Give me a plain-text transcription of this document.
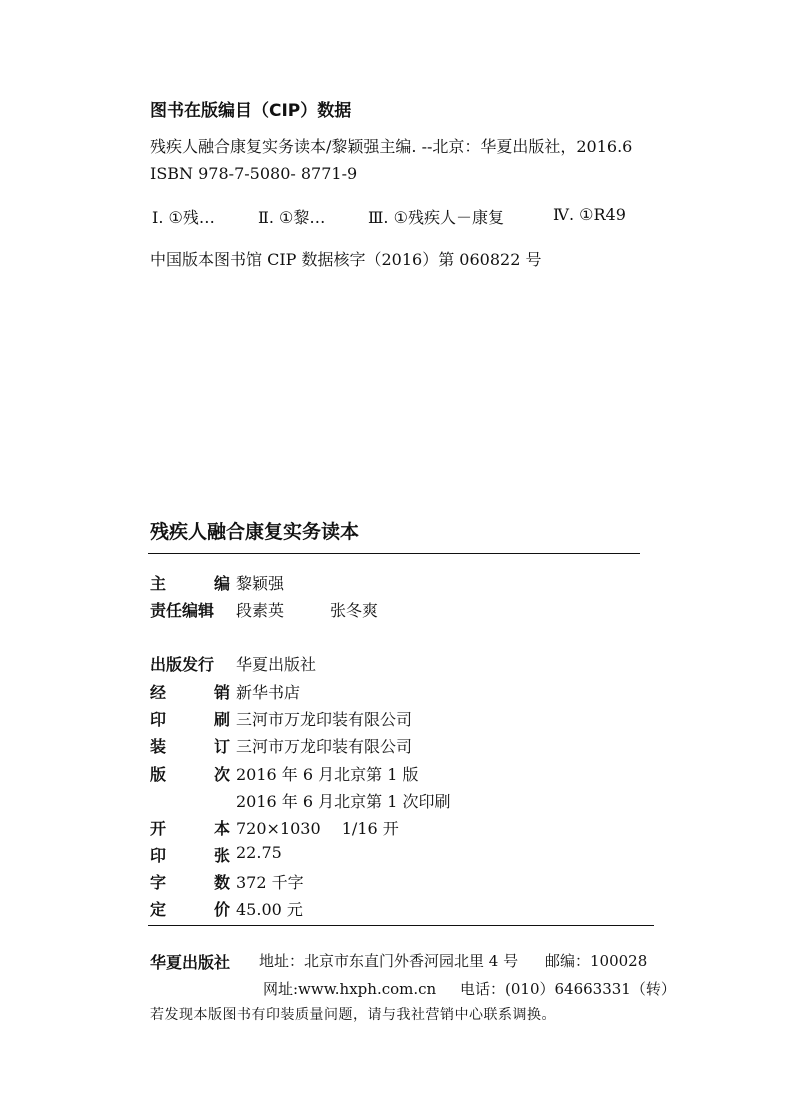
图书在版编目（CIP）数据
残疾人融合康复实务读本/黎颖强主编. --北京：华夏出版社，2016.6
ISBN 978-7-5080- 8771-9
Ⅰ. ①残…	Ⅱ. ①黎…	Ⅲ. ①残疾人－康复	Ⅳ. ①R49
中国版本图书馆 CIP 数据核字（2016）第 060822 号
残疾人融合康复实务读本
主	编 黎颖强
责任编辑 段素英	张冬爽
出版发行 华夏出版社
经	销 新华书店
印	刷 三河市万龙印装有限公司
装	订 三河市万龙印装有限公司
版	次 2016 年 6 月北京第 1 版
2016 年 6 月北京第 1 次印刷
开	本 720×1030　 1/16 开
印	张 22.75
字	数 372 千字
定	价 45.00 元
华夏出版社 地址：北京市东直门外香河园北里 4 号 邮编：100028
网址:www.hxph.com.cn 电话：(010）64663331（转）
若发现本版图书有印装质量问题，请与我社营销中心联系调换。
